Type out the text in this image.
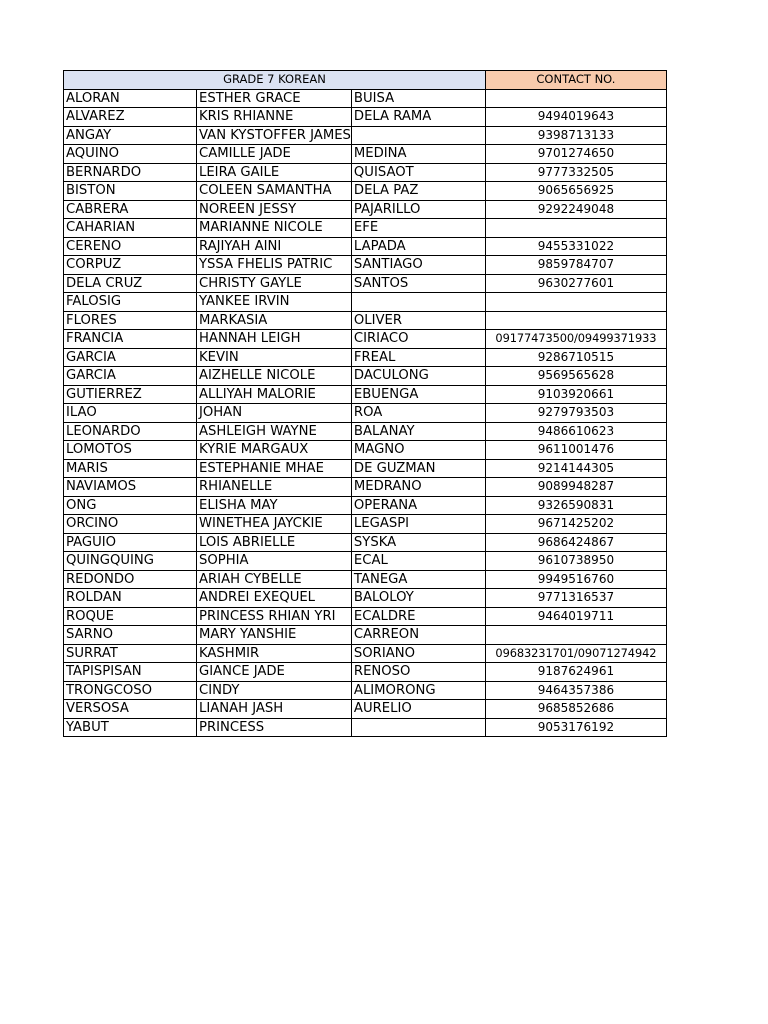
GRADE 7 KOREAN			CONTACT NO.
ALORAN	ESTHER GRACE	BUISA	
ALVAREZ	KRIS RHIANNE	DELA RAMA	9494019643
ANGAY	VAN KYSTOFFER JAMES		9398713133
AQUINO	CAMILLE JADE	MEDINA	9701274650
BERNARDO	LEIRA GAILE	QUISAOT	9777332505
BISTON	COLEEN SAMANTHA	DELA PAZ	9065656925
CABRERA	NOREEN JESSY	PAJARILLO	9292249048
CAHARIAN	MARIANNE NICOLE	EFE	
CERENO	RAJIYAH AINI	LAPADA	9455331022
CORPUZ	YSSA FHELIS PATRIC	SANTIAGO	9859784707
DELA CRUZ	CHRISTY GAYLE	SANTOS	9630277601
FALOSIG	YANKEE IRVIN		
FLORES	MARKASIA	OLIVER	
FRANCIA	HANNAH LEIGH	CIRIACO	09177473500/09499371933
GARCIA	KEVIN	FREAL	9286710515
GARCIA	AIZHELLE NICOLE	DACULONG	9569565628
GUTIERREZ	ALLIYAH MALORIE	EBUENGA	9103920661
ILAO	JOHAN	ROA	9279793503
LEONARDO	ASHLEIGH WAYNE	BALANAY	9486610623
LOMOTOS	KYRIE MARGAUX	MAGNO	9611001476
MARIS	ESTEPHANIE MHAE	DE GUZMAN	9214144305
NAVIAMOS	RHIANELLE	MEDRANO	9089948287
ONG	ELISHA MAY	OPERANA	9326590831
ORCINO	WINETHEA JAYCKIE	LEGASPI	9671425202
PAGUIO	LOIS ABRIELLE	SYSKA	9686424867
QUINGQUING	SOPHIA	ECAL	9610738950
REDONDO	ARIAH CYBELLE	TANEGA	9949516760
ROLDAN	ANDREI EXEQUEL	BALOLOY	9771316537
ROQUE	PRINCESS RHIAN YRI	ECALDRE	9464019711
SARNO	MARY YANSHIE	CARREON	
SURRAT	KASHMIR	SORIANO	09683231701/09071274942
TAPISPISAN	GIANCE JADE	RENOSO	9187624961
TRONGCOSO	CINDY	ALIMORONG	9464357386
VERSOSA	LIANAH JASH	AURELIO	9685852686
YABUT	PRINCESS		9053176192
